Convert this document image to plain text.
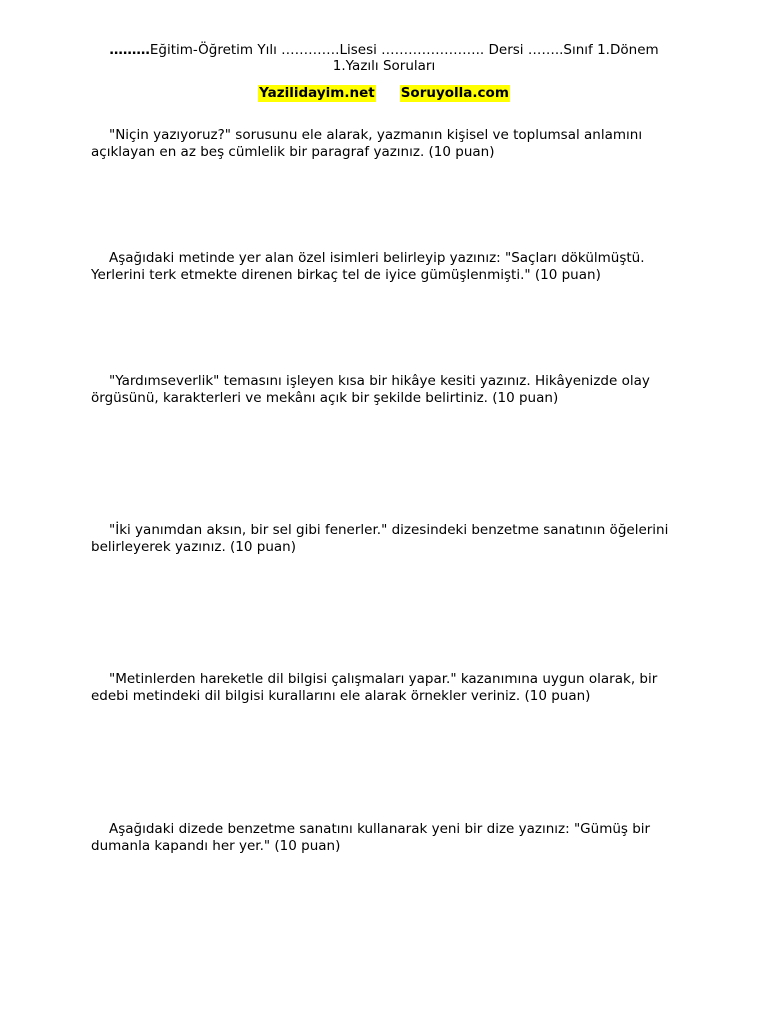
………Eğitim-Öğretim Yılı ………….Lisesi ………………….. Dersi ……..Sınıf 1.Dönem
1.Yazılı Soruları
Yazilidayim.net Soruyolla.com
"Niçin yazıyoruz?" sorusunu ele alarak, yazmanın kişisel ve toplumsal anlamını açıklayan en az beş cümlelik bir paragraf yazınız. (10 puan)
Aşağıdaki metinde yer alan özel isimleri belirleyip yazınız: "Saçları dökülmüştü. Yerlerini terk etmekte direnen birkaç tel de iyice gümüşlenmişti." (10 puan)
"Yardımseverlik" temasını işleyen kısa bir hikâye kesiti yazınız. Hikâyenizde olay örgüsünü, karakterleri ve mekânı açık bir şekilde belirtiniz. (10 puan)
"İki yanımdan aksın, bir sel gibi fenerler." dizesindeki benzetme sanatının öğelerini belirleyerek yazınız. (10 puan)
"Metinlerden hareketle dil bilgisi çalışmaları yapar." kazanımına uygun olarak, bir edebi metindeki dil bilgisi kurallarını ele alarak örnekler veriniz. (10 puan)
Aşağıdaki dizede benzetme sanatını kullanarak yeni bir dize yazınız: "Gümüş bir dumanla kapandı her yer." (10 puan)
